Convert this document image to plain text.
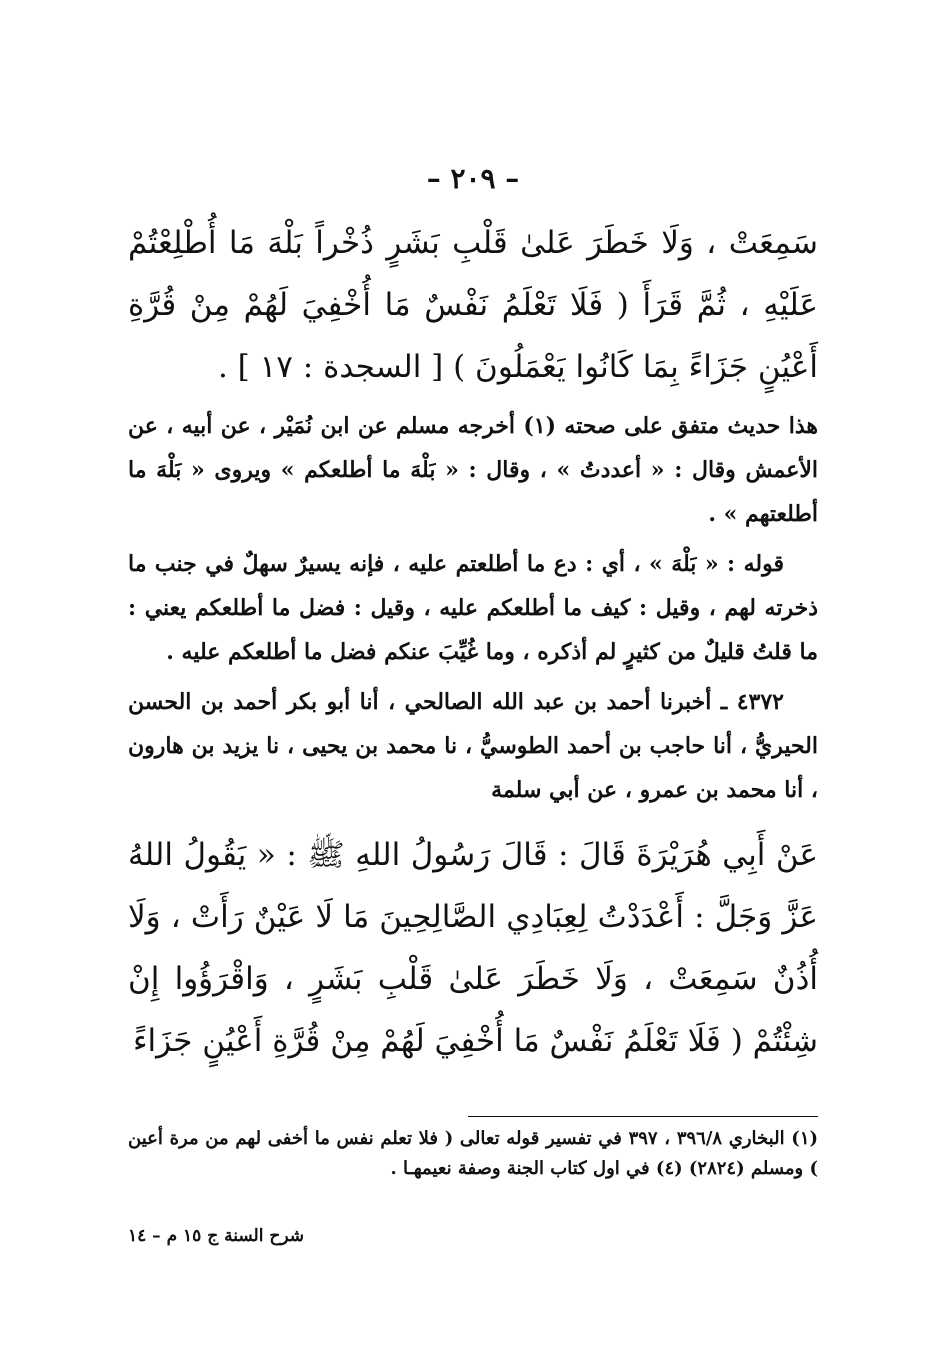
– ٢٠٩ –

سَمِعَتْ ، وَلَا خَطَرَ عَلىٰ قَلْبِ بَشَرٍ ذُخْراً بَلْهَ مَا أُطْلِعْتُمْ عَلَيْهِ ، ثُمَّ قَرَأَ ( فَلَا تَعْلَمُ نَفْسٌ مَا أُخْفِيَ لَهُمْ مِنْ قُرَّةِ أَعْيُنٍ جَزَاءً بِمَا كَانُوا يَعْمَلُونَ ) [ السجدة : ١٧ ] .

هذا حديث متفق على صحته (١) أخرجه مسلم عن ابن نُمَيْر ، عن أبيه ، عن الأعمش وقال : « أعددتُ » ، وقال : « بَلْهَ ما أطلعكم » ويروى « بَلْهَ ما أطلعتهم » .

قوله : « بَلْهَ » ، أي : دع ما أطلعتم عليه ، فإنه يسيرٌ سهلٌ في جنب ما ذخرته لهم ، وقيل : كيف ما أطلعكم عليه ، وقيل : فضل ما أطلعكم يعني : ما قلتُ قليلٌ من كثيرٍ لم أذكره ، وما غُيِّبَ عنكم فضل ما أطلعكم عليه .

٤٣٧٢ ـ أخبرنا أحمد بن عبد الله الصالحي ، أنا أبو بكر أحمد بن الحسن الحيريُّ ، أنا حاجب بن أحمد الطوسيُّ ، نا محمد بن يحيى ، نا يزيد بن هارون ، أنا محمد بن عمرو ، عن أبي سلمة

عَنْ أَبِي هُرَيْرَةَ قَالَ : قَالَ رَسُولُ اللهِ ﷺ : « يَقُولُ اللهُ عَزَّ وَجَلَّ : أَعْدَدْتُ لِعِبَادِي الصَّالِحِينَ مَا لَا عَيْنٌ رَأَتْ ، وَلَا أُذُنٌ سَمِعَتْ ، وَلَا خَطَرَ عَلىٰ قَلْبِ بَشَرٍ ، وَاقْرَؤُوا إِنْ شِئْتُمْ ( فَلَا تَعْلَمُ نَفْسٌ مَا أُخْفِيَ لَهُمْ مِنْ قُرَّةِ أَعْيُنٍ جَزَاءً

(١) البخاري ٣٩٦/٨ ، ٣٩٧ في تفسير قوله تعالى ( فلا تعلم نفس ما أخفى لهم من مرة أعين ) ومسلم (٢٨٢٤) (٤) في اول كتاب الجنة وصفة نعيمهـا .
شرح السنة ج ١٥ م – ١٤
